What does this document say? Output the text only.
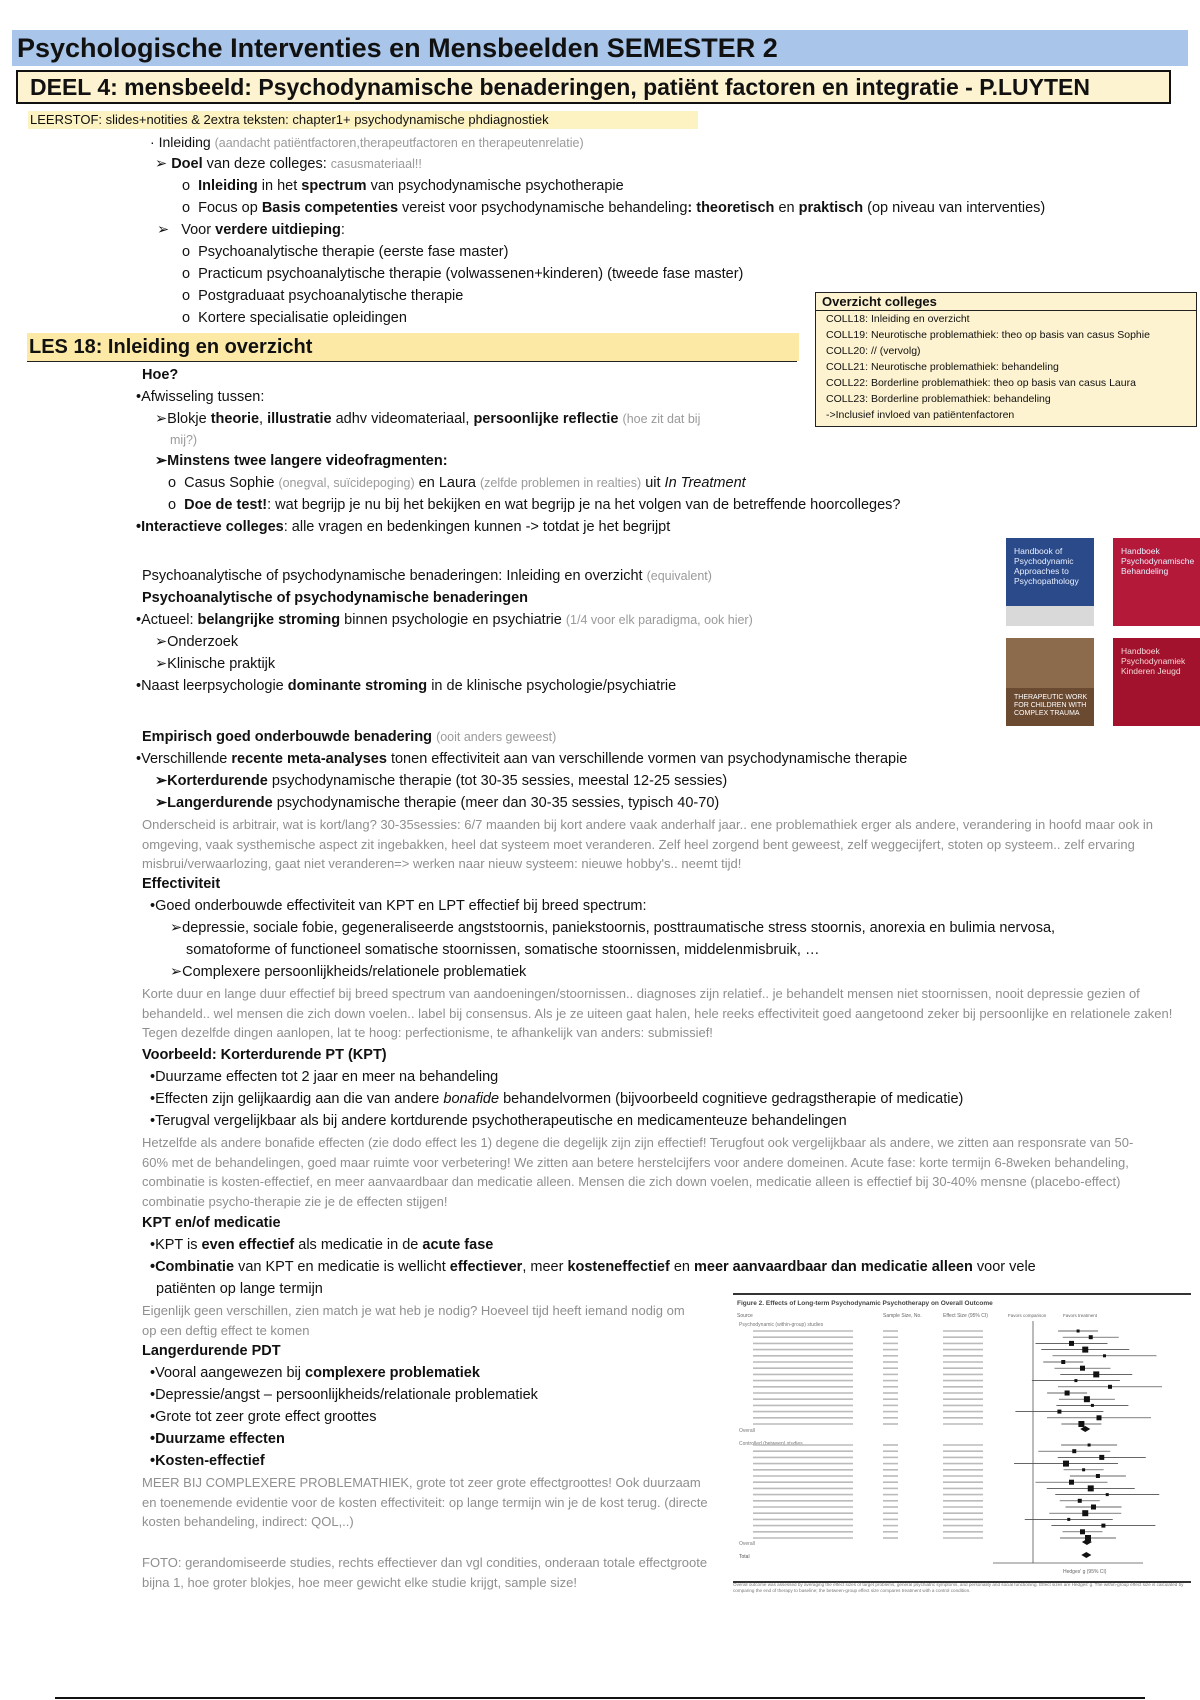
Psychologische Interventies en Mensbeelden SEMESTER 2
DEEL 4: mensbeeld: Psychodynamische benaderingen, patiënt factoren en integratie - P.LUYTEN
LEERSTOF: slides+notities & 2extra teksten: chapter1+ psychodynamische phdiagnostiek
· Inleiding (aandacht patiëntfactoren,therapeutfactoren en therapeutenrelatie)
➢ Doel van deze colleges: casusmateriaal!!
o  Inleiding in het spectrum van psychodynamische psychotherapie
o  Focus op Basis competenties vereist voor psychodynamische behandeling: theoretisch en praktisch (op niveau van interventies)
➢   Voor verdere uitdieping:
o  Psychoanalytische therapie (eerste fase master)
o  Practicum psychoanalytische therapie (volwassenen+kinderen) (tweede fase master)
o  Postgraduaat psychoanalytische therapie
o  Kortere specialisatie opleidingen
Overzicht colleges
COLL18: Inleiding en overzicht
COLL19: Neurotische problemathiek: theo op basis van casus Sophie
COLL20: // (vervolg)
COLL21: Neurotische problemathiek: behandeling
COLL22: Borderline problemathiek: theo op basis van casus Laura
COLL23: Borderline problemathiek: behandeling
->Inclusief invloed van patiëntenfactoren
LES 18: Inleiding en overzicht
Hoe?
•Afwisseling tussen:
➢Blokje theorie, illustratie adhv videomateriaal, persoonlijke reflectie (hoe zit dat bij
mij?)
➢Minstens twee langere videofragmenten:
o  Casus Sophie (onegval, suïcidepoging) en Laura (zelfde problemen in realties) uit In Treatment
o  Doe de test!: wat begrijp je nu bij het bekijken en wat begrijp je na het volgen van de betreffende hoorcolleges?
•Interactieve colleges: alle vragen en bedenkingen kunnen -> totdat je het begrijpt
Psychoanalytische of psychodynamische benaderingen: Inleiding en overzicht (equivalent)
Psychoanalytische of psychodynamische benaderingen
•Actueel: belangrijke stroming binnen psychologie en psychiatrie (1/4 voor elk paradigma, ook hier)
➢Onderzoek
➢Klinische praktijk
•Naast leerpsychologie dominante stroming in de klinische psychologie/psychiatrie
Handbook of Psychodynamic Approaches to Psychopathology
Handboek Psychodynamische Behandeling
THERAPEUTIC WORK FOR CHILDREN WITH COMPLEX TRAUMA
Handboek Psychodynamiek Kinderen Jeugd
Empirisch goed onderbouwde benadering (ooit anders geweest)
•Verschillende recente meta-analyses tonen effectiviteit aan van verschillende vormen van psychodynamische therapie
➢Korterdurende psychodynamische therapie (tot 30-35 sessies, meestal 12-25 sessies)
➢Langerdurende psychodynamische therapie (meer dan 30-35 sessies, typisch 40-70)
Onderscheid is arbitrair, wat is kort/lang? 30-35sessies: 6/7 maanden bij kort andere vaak anderhalf jaar.. ene problemathiek erger als andere, verandering in hoofd maar ook in omgeving, vaak systhemische aspect zit ingebakken, heel dat systeem moet veranderen. Zelf heel zorgend bent geweest, zelf weggecijfert, stoten op systeem.. zelf ervaring misbrui/verwaarlozing, gaat niet veranderen=> werken naar nieuw systeem: nieuwe hobby's.. neemt tijd!
Effectiviteit
•Goed onderbouwde effectiviteit van KPT en LPT effectief bij breed spectrum:
➢depressie, sociale fobie, gegeneraliseerde angststoornis, paniekstoornis, posttraumatische stress stoornis, anorexia en bulimia nervosa,
somatoforme of functioneel somatische stoornissen, somatische stoornissen, middelenmisbruik, …
➢Complexere persoonlijkheids/relationele problematiek
Korte duur en lange duur effectief bij breed spectrum van aandoeningen/stoornissen.. diagnoses zijn relatief.. je behandelt mensen niet stoornissen, nooit depressie gezien of behandeld.. wel mensen die zich down voelen.. label bij consensus. Als je ze uiteen gaat halen, hele reeks effectiviteit goed aangetoond zeker bij persoonlijke en relationele zaken! Tegen dezelfde dingen aanlopen, lat te hoog: perfectionisme, te afhankelijk van anders: submissief!
Voorbeeld: Korterdurende PT (KPT)
•Duurzame effecten tot 2 jaar en meer na behandeling
•Effecten zijn gelijkaardig aan die van andere bonafide behandelvormen (bijvoorbeeld cognitieve gedragstherapie of medicatie)
•Terugval vergelijkbaar als bij andere kortdurende psychotherapeutische en medicamenteuze behandelingen
Hetzelfde als andere bonafide effecten (zie dodo effect les 1) degene die degelijk zijn zijn effectief! Terugfout ook vergelijkbaar als andere, we zitten aan responsrate van 50-60% met de behandelingen, goed maar ruimte voor verbetering! We zitten aan betere herstelcijfers voor andere domeinen. Acute fase: korte termijn 6-8weken behandeling, combinatie is kosten-effectief, en meer aanvaardbaar dan medicatie alleen. Mensen die zich down voelen, medicatie alleen is effectief bij 30-40% mensne (placebo-effect) combinatie psycho-therapie zie je de effecten stijgen!
KPT en/of medicatie
•KPT is even effectief als medicatie in de acute fase
•Combinatie van KPT en medicatie is wellicht effectiever, meer kosteneffectief en meer aanvaardbaar dan medicatie alleen voor vele
patiënten op lange termijn
Eigenlijk geen verschillen, zien match je wat heb je nodig? Hoeveel tijd heeft iemand nodig om op een deftig effect te komen
Langerdurende PDT
•Vooral aangewezen bij complexere problematiek
•Depressie/angst – persoonlijkheids/relationale problematiek
•Grote tot zeer grote effect groottes
•Duurzame effecten
•Kosten-effectief
MEER BIJ COMPLEXERE PROBLEMATHIEK, grote tot zeer grote effectgroottes! Ook duurzaam en toenemende evidentie voor de kosten effectiviteit: op lange termijn win je de kost terug. (directe kosten behandeling, indirect: QOL,..)
FOTO: gerandomiseerde studies, rechts effectiever dan vgl condities, onderaan totale effectgroote bijna 1, hoe groter blokjes, hoe meer gewicht elke studie krijgt, sample size!
Figure 2. Effects of Long-term Psychodynamic Psychotherapy on Overall Outcome
Source	Sample Size, No.	Effect Size (95% CI)	Favors comparison	Favors treatment
Psychodynamic (within-group) studies
Overall
Controlled (between) studies
Overall
Total
Hedges' g (95% CI)
Overall outcome was assessed by averaging the effect sizes of target problems, general psychiatric symptoms, and personality and social functioning. Effect sizes are Hedges' g. The within-group effect size is calculated by comparing the end of therapy to baseline; the between-group effect size compares treatment with a control condition.
